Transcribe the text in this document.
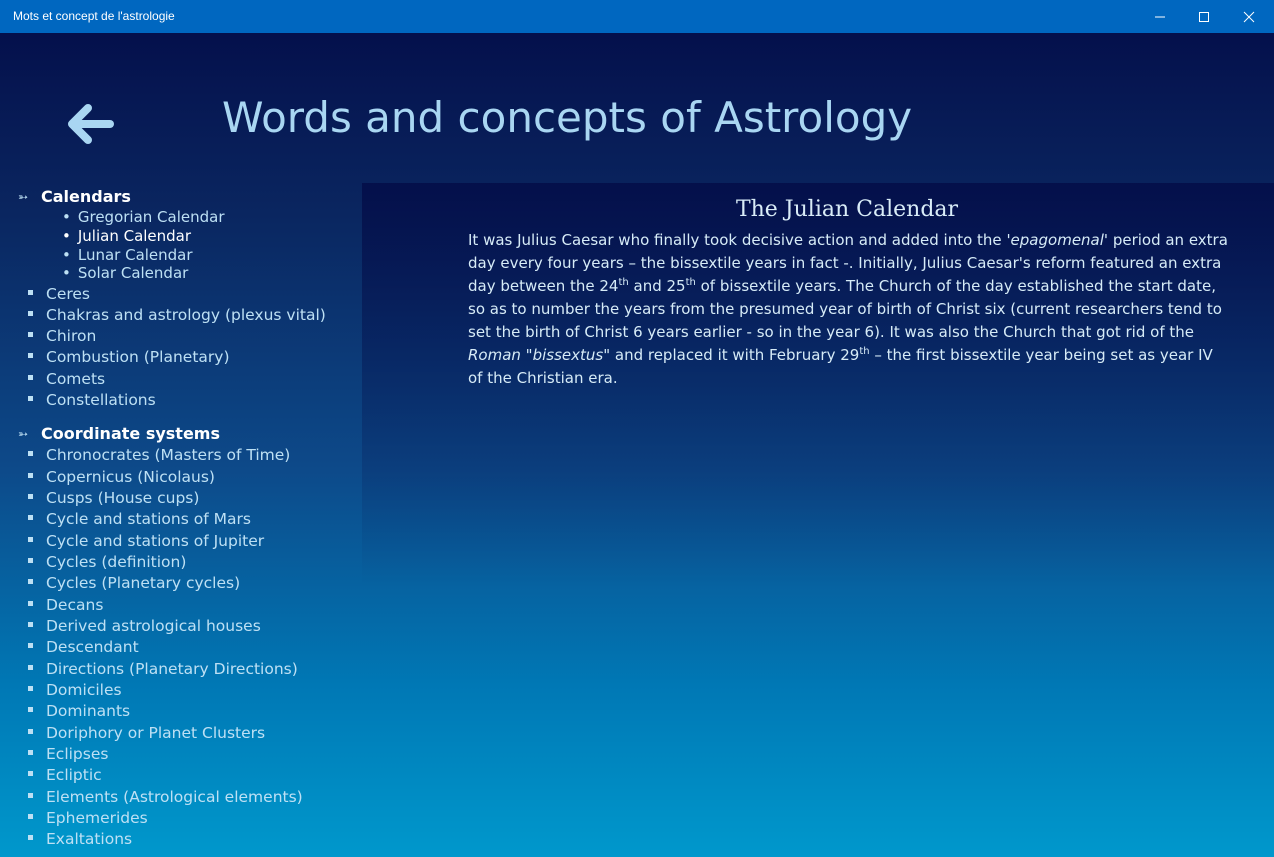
Mots et concept de l'astrologie
Words and concepts of Astrology
➳ Calendars
• Gregorian Calendar
• Julian Calendar
• Lunar Calendar
• Solar Calendar
Ceres
Chakras and astrology (plexus vital)
Chiron
Combustion (Planetary)
Comets
Constellations
➳ Coordinate systems
Chronocrates (Masters of Time)
Copernicus (Nicolaus)
Cusps (House cups)
Cycle and stations of Mars
Cycle and stations of Jupiter
Cycles (definition)
Cycles (Planetary cycles)
Decans
Derived astrological houses
Descendant
Directions (Planetary Directions)
Domiciles
Dominants
Doriphory or Planet Clusters
Eclipses
Ecliptic
Elements (Astrological elements)
Ephemerides
Exaltations
The Julian Calendar
It was Julius Caesar who finally took decisive action and added into the 'epagomenal' period an extra day every four years – the bissextile years in fact -. Initially, Julius Caesar's reform featured an extra day between the 24th and 25th of bissextile years. The Church of the day established the start date, so as to number the years from the presumed year of birth of Christ six (current researchers tend to set the birth of Christ 6 years earlier - so in the year 6). It was also the Church that got rid of the Roman "bissextus" and replaced it with February 29th – the first bissextile year being set as year IV of the Christian era.
